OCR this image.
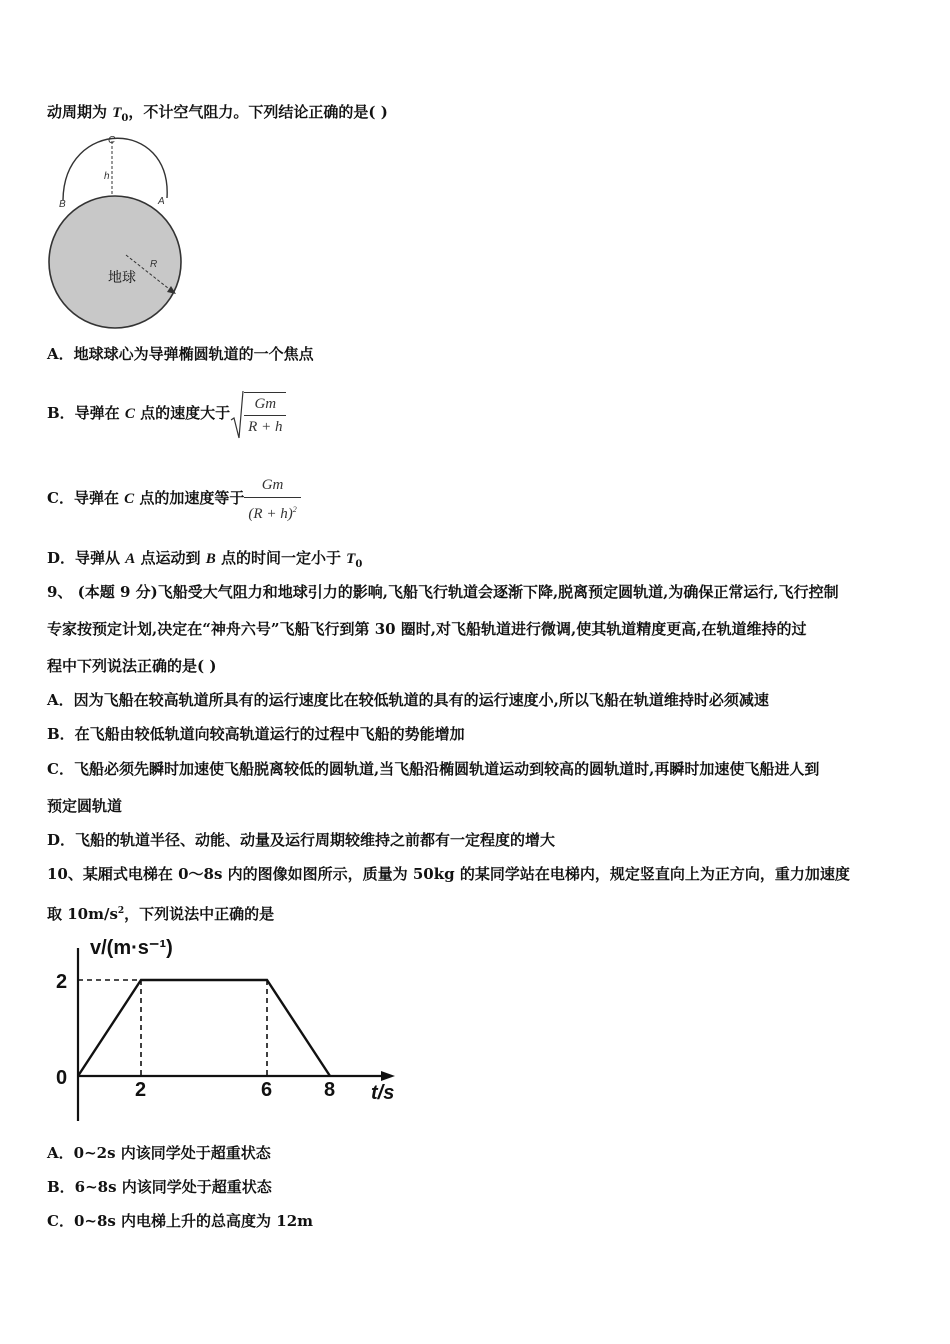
动周期为 $T_0$，不计空气阻力。下列结论正确的是( )
C
h
B	A
R
地球
A．地球球心为导弹椭圆轨道的一个焦点
B．导弹在 C 点的速度大于 $\frac{Gm}{R + h}$
C．导弹在 C 点的加速度等于 $\frac{Gm}{(R + h)^2}$
D．导弹从 A 点运动到 B 点的时间一定小于 $T_0$
9、 (本题 9 分)飞船受大气阻力和地球引力的影响,飞船飞行轨道会逐渐下降,脱离预定圆轨道,为确保正常运行,飞行控制
专家按预定计划,决定在“神舟六号”飞船飞行到第 30 圈时,对飞船轨道进行微调,使其轨道精度更高,在轨道维持的过
程中下列说法正确的是( )
A．因为飞船在较高轨道所具有的运行速度比在较低轨道的具有的运行速度小,所以飞船在轨道维持时必须减速
B．在飞船由较低轨道向较高轨道运行的过程中飞船的势能增加
C．飞船必须先瞬时加速使飞船脱离较低的圆轨道,当飞船沿椭圆轨道运动到较高的圆轨道时,再瞬时加速使飞船进人到
预定圆轨道
D．飞船的轨道半径、动能、动量及运行周期较维持之前都有一定程度的增大
10、某厢式电梯在 0～8s 内的图像如图所示，质量为 50kg 的某同学站在电梯内，规定竖直向上为正方向，重力加速度
取 $10m/s^2$，下列说法中正确的是
2	6	8
0
2
v/(m·s⁻¹)
t/s
A．0~2s 内该同学处于超重状态
B．6~8s 内该同学处于超重状态
C．0~8s 内电梯上升的总高度为 12m
